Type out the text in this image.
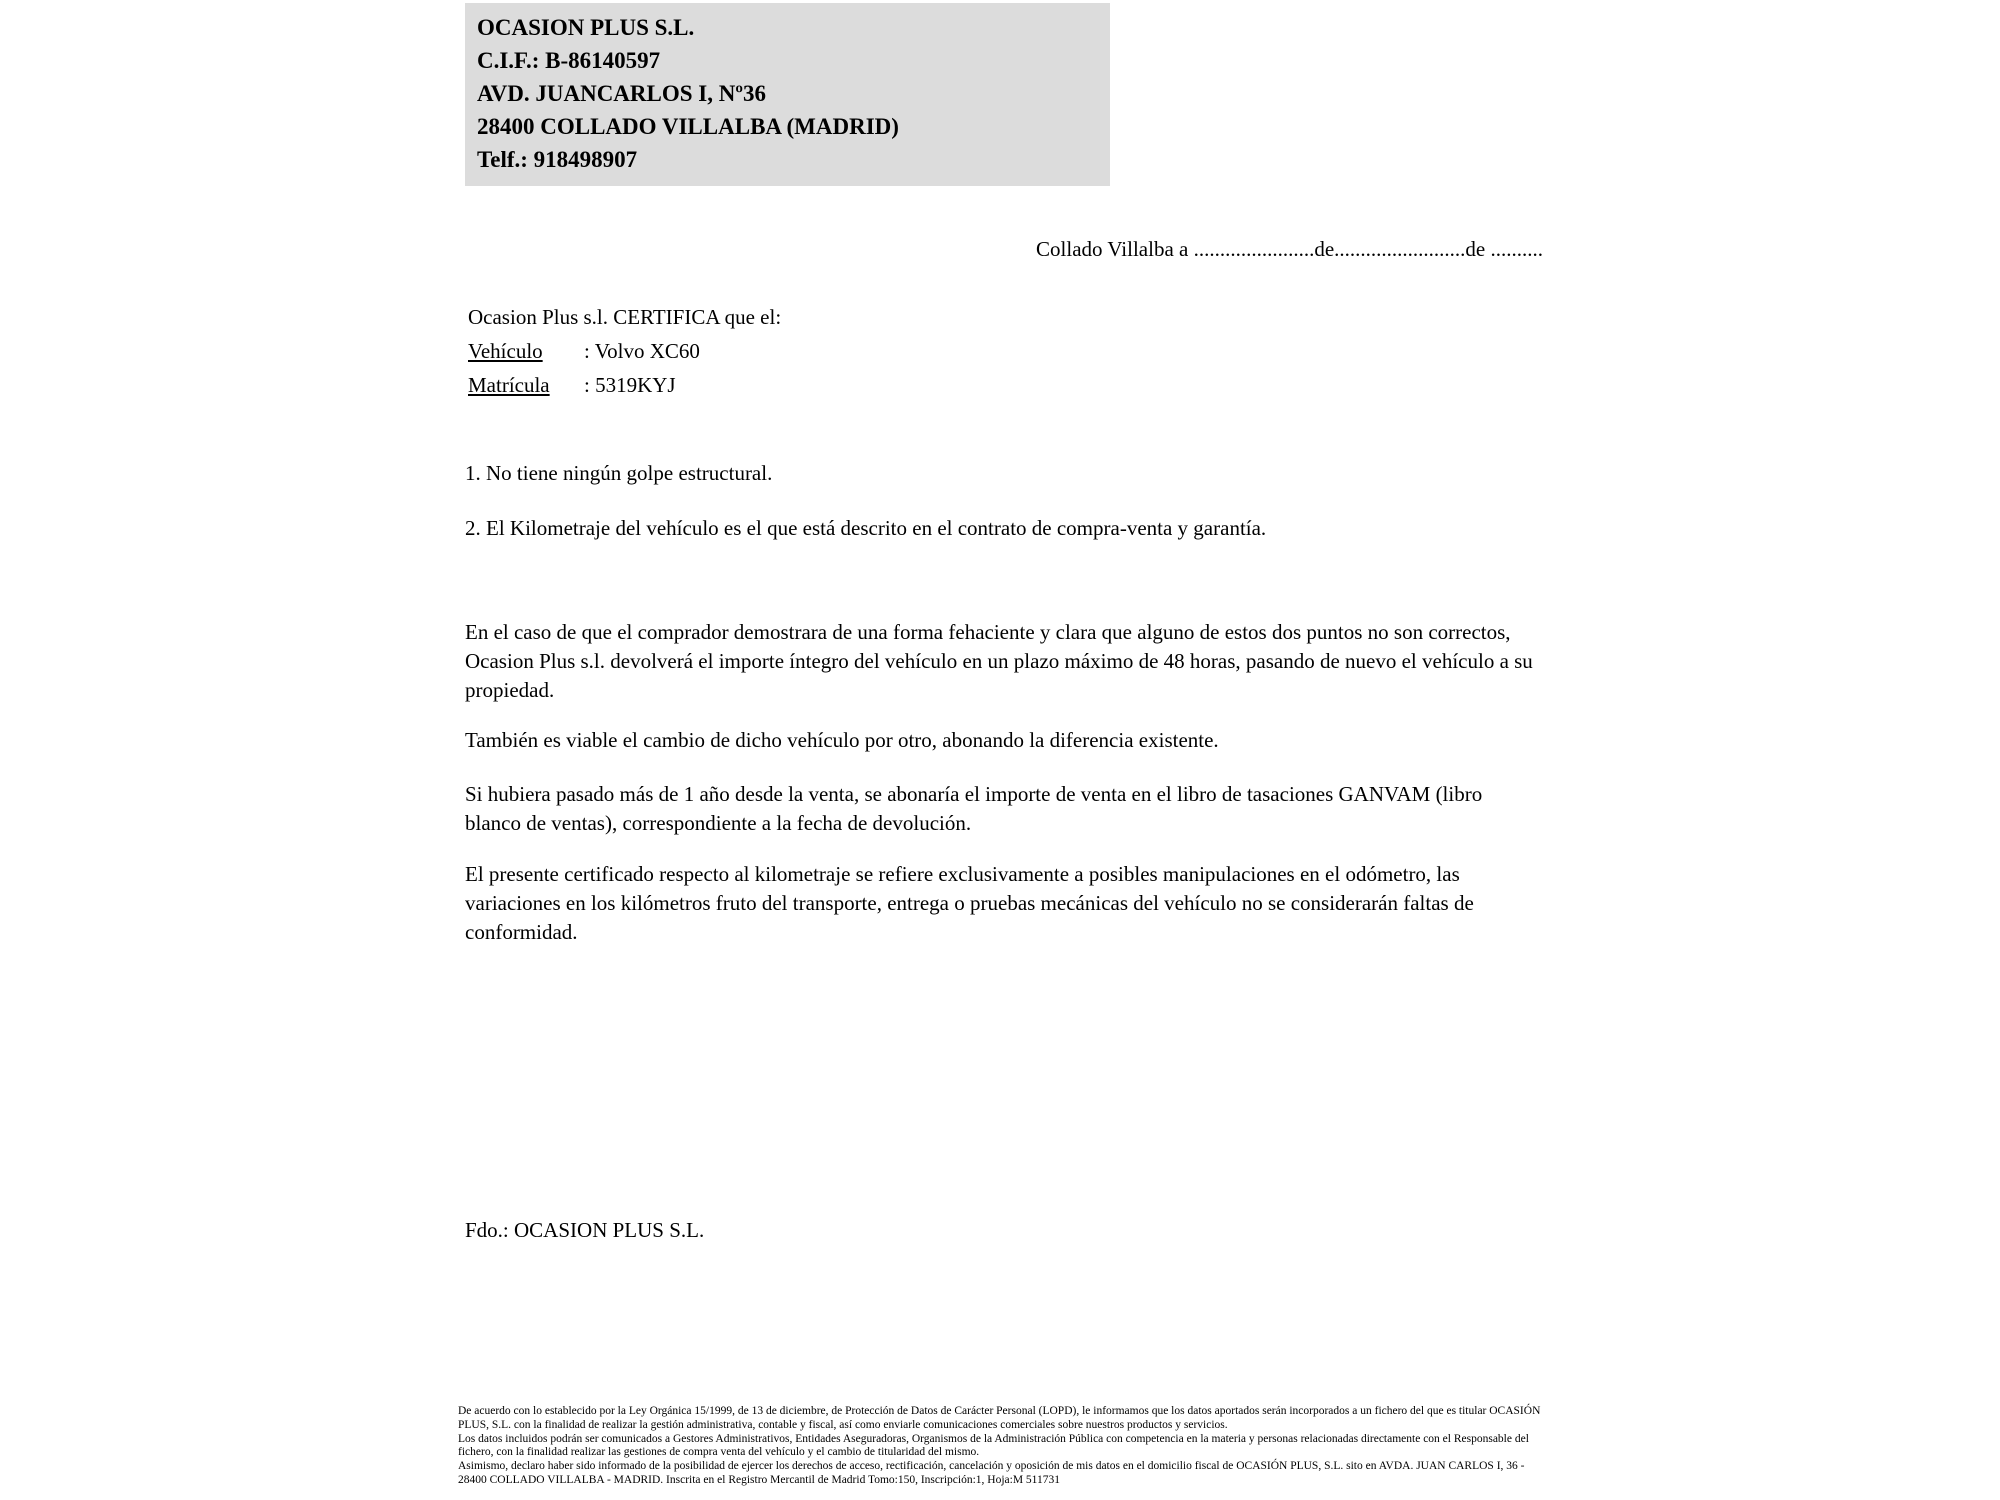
OCASION PLUS S.L.
C.I.F.: B-86140597
AVD. JUANCARLOS I, Nº36
28400 COLLADO VILLALBA (MADRID)
Telf.: 918498907
Collado Villalba a .......................de.........................de ..........
Ocasion Plus s.l. CERTIFICA que el:
Vehículo : Volvo XC60
Matrícula : 5319KYJ
1. No tiene ningún golpe estructural.
2. El Kilometraje del vehículo es el que está descrito en el contrato de compra-venta y garantía.
En el caso de que el comprador demostrara de una forma fehaciente y clara que alguno de estos dos puntos no son correctos, Ocasion Plus s.l. devolverá el importe íntegro del vehículo en un plazo máximo de 48 horas, pasando de nuevo el vehículo a su propiedad.
También es viable el cambio de dicho vehículo por otro, abonando la diferencia existente.
Si hubiera pasado más de 1 año desde la venta, se abonaría el importe de venta en el libro de tasaciones GANVAM (libro blanco de ventas), correspondiente a la fecha de devolución.
El presente certificado respecto al kilometraje se refiere exclusivamente a posibles manipulaciones en el odómetro, las variaciones en los kilómetros fruto del transporte, entrega o pruebas mecánicas del vehículo no se considerarán faltas de conformidad.
Fdo.: OCASION PLUS S.L.

De acuerdo con lo establecido por la Ley Orgánica 15/1999, de 13 de diciembre, de Protección de Datos de Carácter Personal (LOPD), le informamos que los datos aportados serán incorporados a un fichero del que es titular OCASIÓN PLUS, S.L. con la finalidad de realizar la gestión administrativa, contable y fiscal, así como enviarle comunicaciones comerciales sobre nuestros productos y servicios.

Los datos incluidos podrán ser comunicados a Gestores Administrativos, Entidades Aseguradoras, Organismos de la Administración Pública con competencia en la materia y personas relacionadas directamente con el Responsable del fichero, con la finalidad realizar las gestiones de compra venta del vehículo y el cambio de titularidad del mismo.

Asimismo, declaro haber sido informado de la posibilidad de ejercer los derechos de acceso, rectificación, cancelación y oposición de mis datos en el domicilio fiscal de OCASIÓN PLUS, S.L. sito en AVDA. JUAN CARLOS I, 36 - 28400 COLLADO VILLALBA - MADRID. Inscrita en el Registro Mercantil de Madrid Tomo:150, Inscripción:1, Hoja:M 511731
